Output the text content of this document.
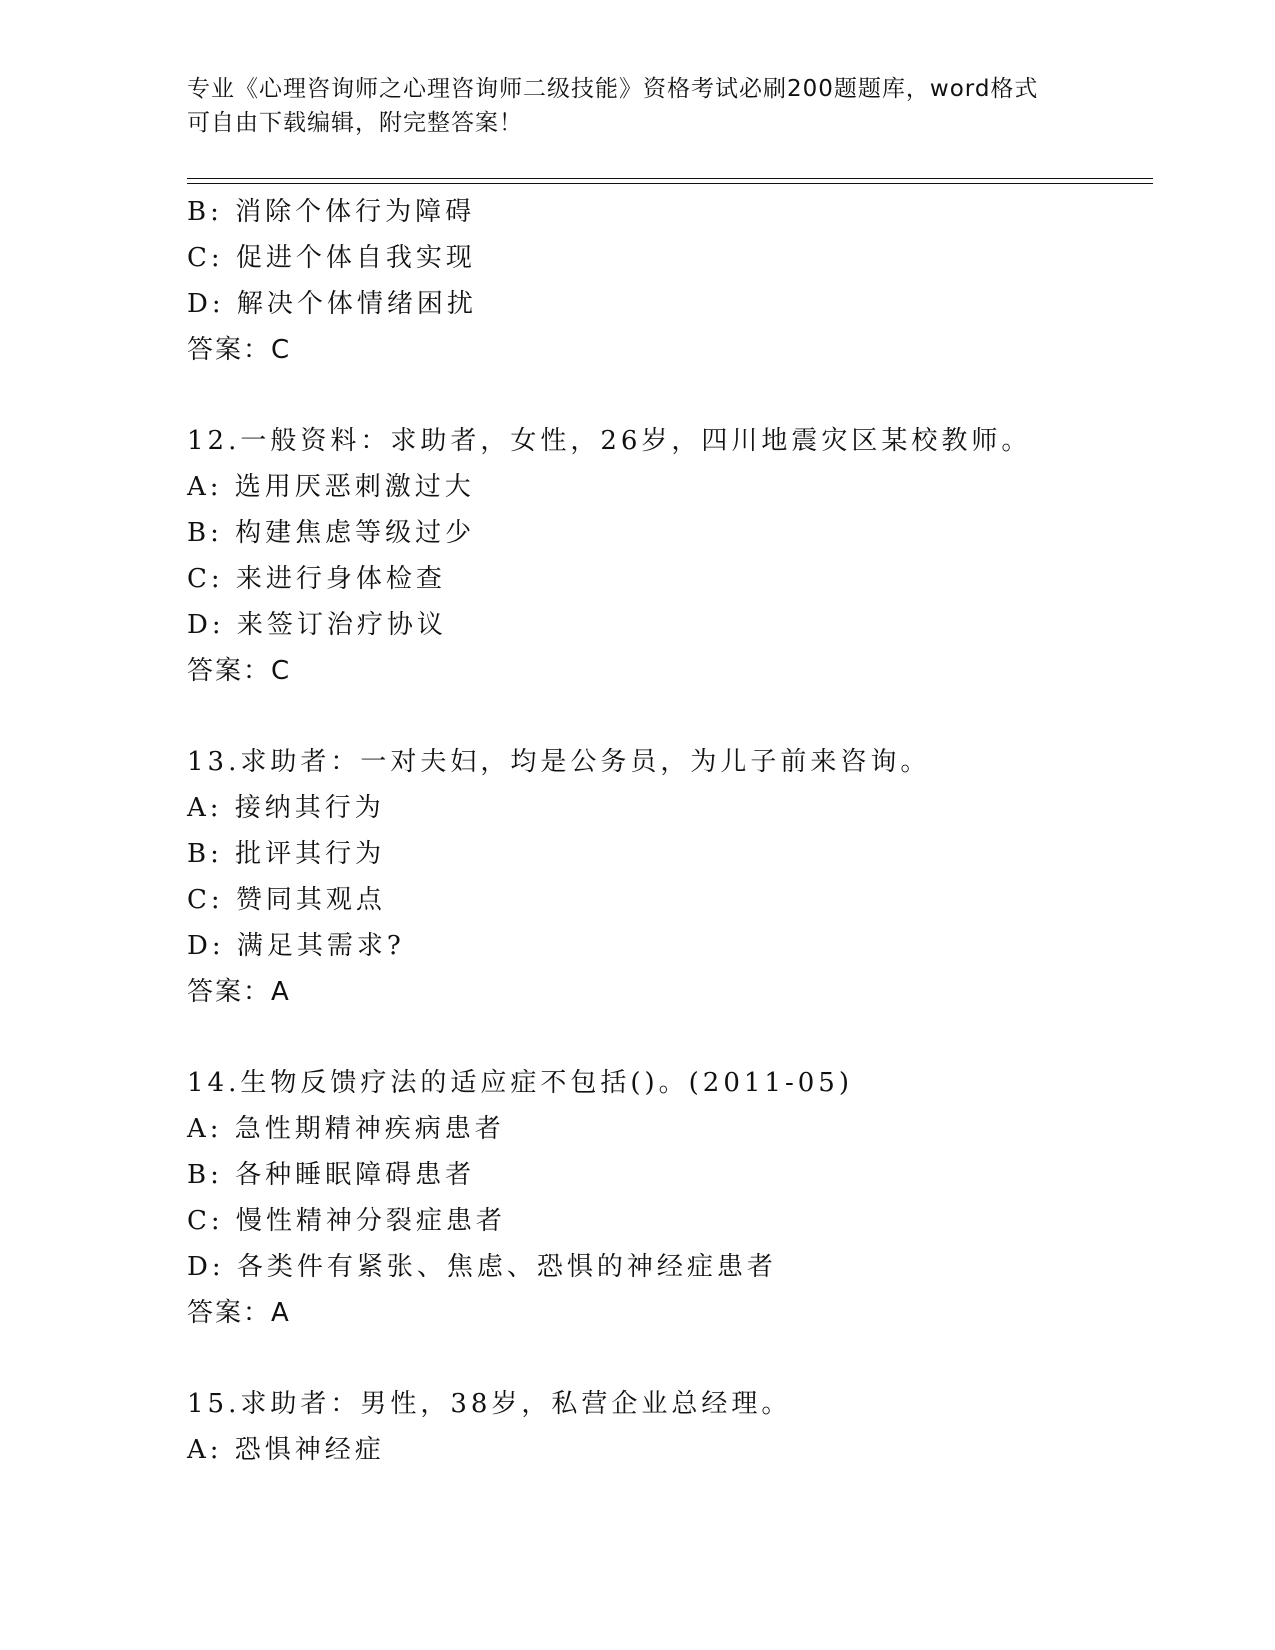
专业《心理咨询师之心理咨询师二级技能》资格考试必刷200题题库，word格式
可自由下载编辑，附完整答案！
B: 消除个体行为障碍
C: 促进个体自我实现
D: 解决个体情绪困扰
答案：C
12.一般资料：求助者，女性，26岁，四川地震灾区某校教师。
A: 选用厌恶刺激过大
B: 构建焦虑等级过少
C: 来进行身体检查
D: 来签订治疗协议
答案：C
13.求助者：一对夫妇，均是公务员，为儿子前来咨询。
A: 接纳其行为
B: 批评其行为
C: 赞同其观点
D: 满足其需求?
答案：A
14.生物反馈疗法的适应症不包括()。(2011-05)
A: 急性期精神疾病患者
B: 各种睡眠障碍患者
C: 慢性精神分裂症患者
D: 各类件有紧张、焦虑、恐惧的神经症患者
答案：A
15.求助者：男性，38岁，私营企业总经理。
A: 恐惧神经症
